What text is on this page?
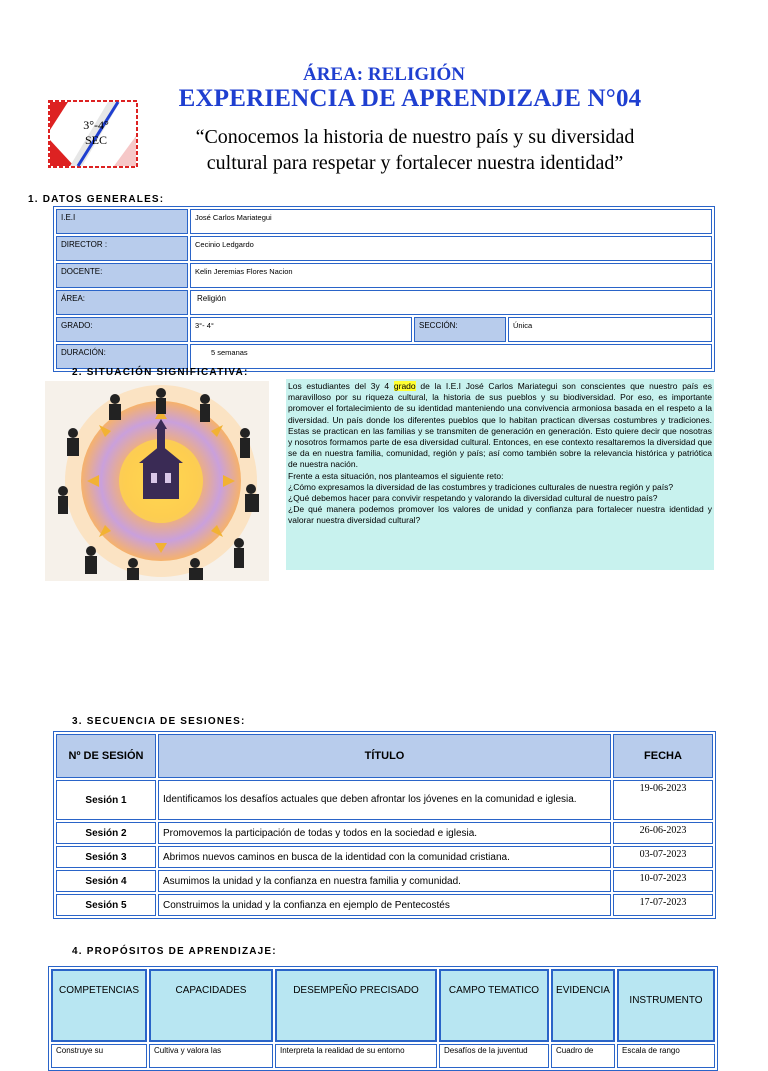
ÁREA: RELIGIÓN
EXPERIENCIA DE APRENDIZAJE N°04
3°-4°
SEC	“Conocemos la historia de nuestro país y su diversidad
cultural para respetar y fortalecer nuestra identidad”
1. DATOS GENERALES:
I.E.I	José Carlos Mariategui		
DIRECTOR :	Cecinio Ledgardo		
DOCENTE:	Kelin Jeremias Flores Nacion		
ÁREA:	Religión		
GRADO:	3°- 4°	SECCIÓN:	Única
DURACIÓN:	5 semanas		
2. SITUACIÓN SIGNIFICATIVA:
Los estudiantes del 3y 4 grado de la I.E.I José Carlos Mariategui son conscientes que nuestro país es maravilloso por su riqueza cultural, la historia de sus pueblos y su biodiversidad. Por eso, es importante promover el fortalecimiento de su identidad manteniendo una convivencia armoniosa basada en el respeto a la diversidad. Un país donde los diferentes pueblos que lo habitan practican diversas costumbres y tradiciones. Estas se practican en las familias y se transmiten de generación en generación. Esto quiere decir que nosotras y nosotros formamos parte de esa diversidad cultural. Entonces, en ese contexto resaltaremos la diversidad que se da en nuestra familia, comunidad, región y país; así como también sobre la relevancia histórica y patriótica de nuestra nación.
Frente a esta situación, nos planteamos el siguiente reto:
¿Cómo expresamos la diversidad de las costumbres y tradiciones culturales de nuestra región y país?
¿Qué debemos hacer para convivir respetando y valorando la diversidad cultural de nuestro país?
¿De qué manera podemos promover los valores de unidad y confianza para fortalecer nuestra identidad y valorar nuestra diversidad cultural?
3. SECUENCIA DE SESIONES:
Nº DE SESIÓN	TÍTULO	FECHA
Sesión 1	Identificamos los desafíos actuales que deben afrontar los jóvenes en la comunidad e iglesia.	19-06-2023
Sesión 2	Promovemos la participación de todas y todos en la sociedad e iglesia.	26-06-2023
Sesión 3	Abrimos nuevos caminos en busca de la identidad con la comunidad cristiana.	03-07-2023
Sesión 4	Asumimos la unidad y la confianza en nuestra familia y comunidad.	10-07-2023
Sesión 5	Construimos la unidad y la confianza en ejemplo de Pentecostés	17-07-2023
4. PROPÓSITOS DE APRENDIZAJE:
COMPETENCIAS	CAPACIDADES	DESEMPEÑO PRECISADO	CAMPO TEMATICO	EVIDENCIA	INSTRUMENTO
Construye su	Cultiva y valora las	Interpreta la realidad de su entorno	Desafíos de la juventud	Cuadro de	Escala de rango
